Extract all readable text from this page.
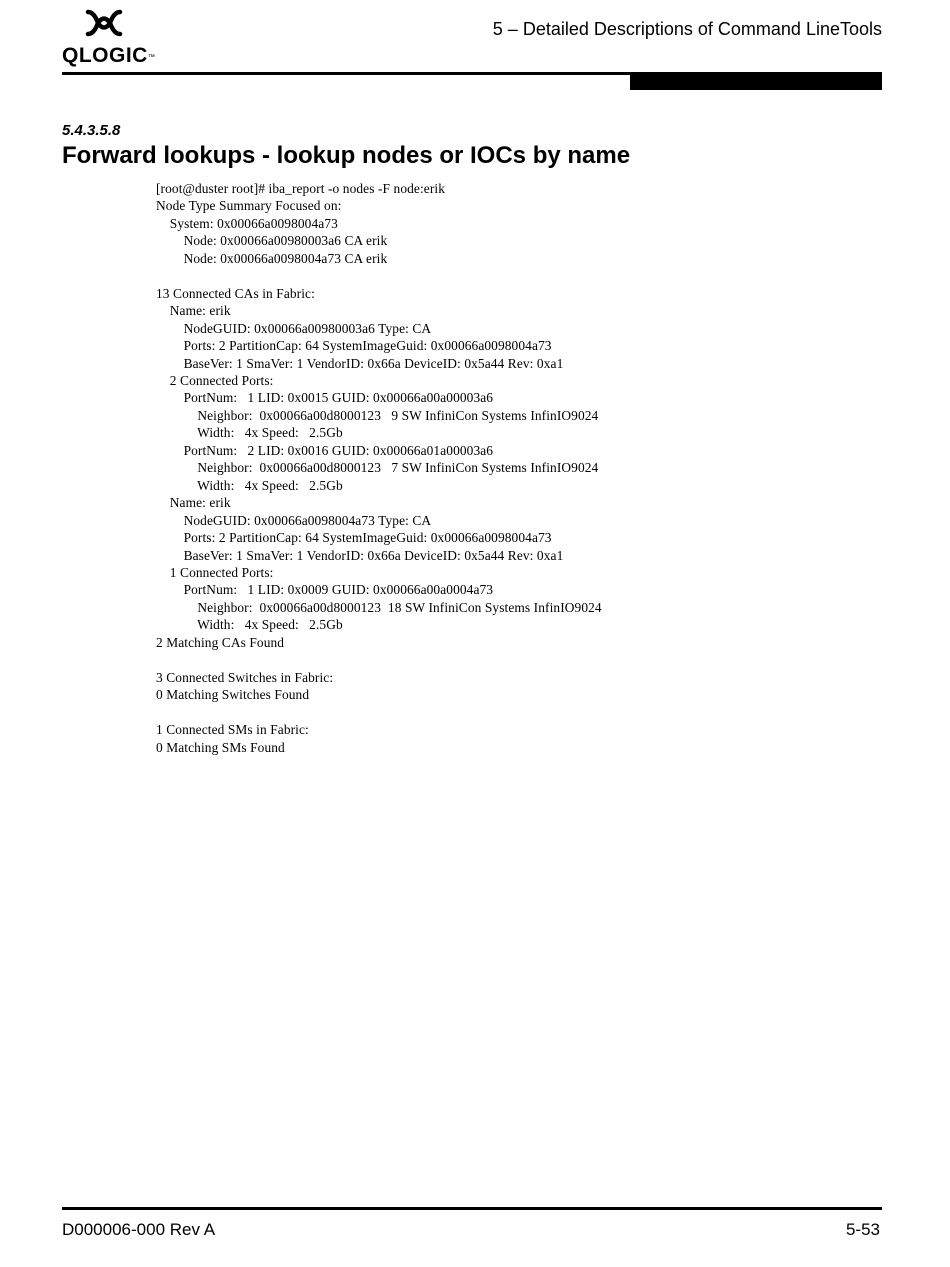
QLOGIC™
5 – Detailed Descriptions of Command LineTools
5.4.3.5.8
Forward lookups - lookup nodes or IOCs by name
[root@duster root]# iba_report -o nodes -F node:erik
Node Type Summary Focused on:
System: 0x00066a0098004a73
Node: 0x00066a00980003a6 CA erik
Node: 0x00066a0098004a73 CA erik

13 Connected CAs in Fabric:
Name: erik
NodeGUID: 0x00066a00980003a6 Type: CA
Ports: 2 PartitionCap: 64 SystemImageGuid: 0x00066a0098004a73
BaseVer: 1 SmaVer: 1 VendorID: 0x66a DeviceID: 0x5a44 Rev: 0xa1
2 Connected Ports:
PortNum:   1 LID: 0x0015 GUID: 0x00066a00a00003a6
Neighbor:  0x00066a00d8000123   9 SW InfiniCon Systems InfinIO9024
Width:   4x Speed:   2.5Gb
PortNum:   2 LID: 0x0016 GUID: 0x00066a01a00003a6
Neighbor:  0x00066a00d8000123   7 SW InfiniCon Systems InfinIO9024
Width:   4x Speed:   2.5Gb
Name: erik
NodeGUID: 0x00066a0098004a73 Type: CA
Ports: 2 PartitionCap: 64 SystemImageGuid: 0x00066a0098004a73
BaseVer: 1 SmaVer: 1 VendorID: 0x66a DeviceID: 0x5a44 Rev: 0xa1
1 Connected Ports:
PortNum:   1 LID: 0x0009 GUID: 0x00066a00a0004a73
Neighbor:  0x00066a00d8000123  18 SW InfiniCon Systems InfinIO9024
Width:   4x Speed:   2.5Gb
2 Matching CAs Found

3 Connected Switches in Fabric:
0 Matching Switches Found

1 Connected SMs in Fabric:
0 Matching SMs Found
D000006-000 Rev A	5-53
